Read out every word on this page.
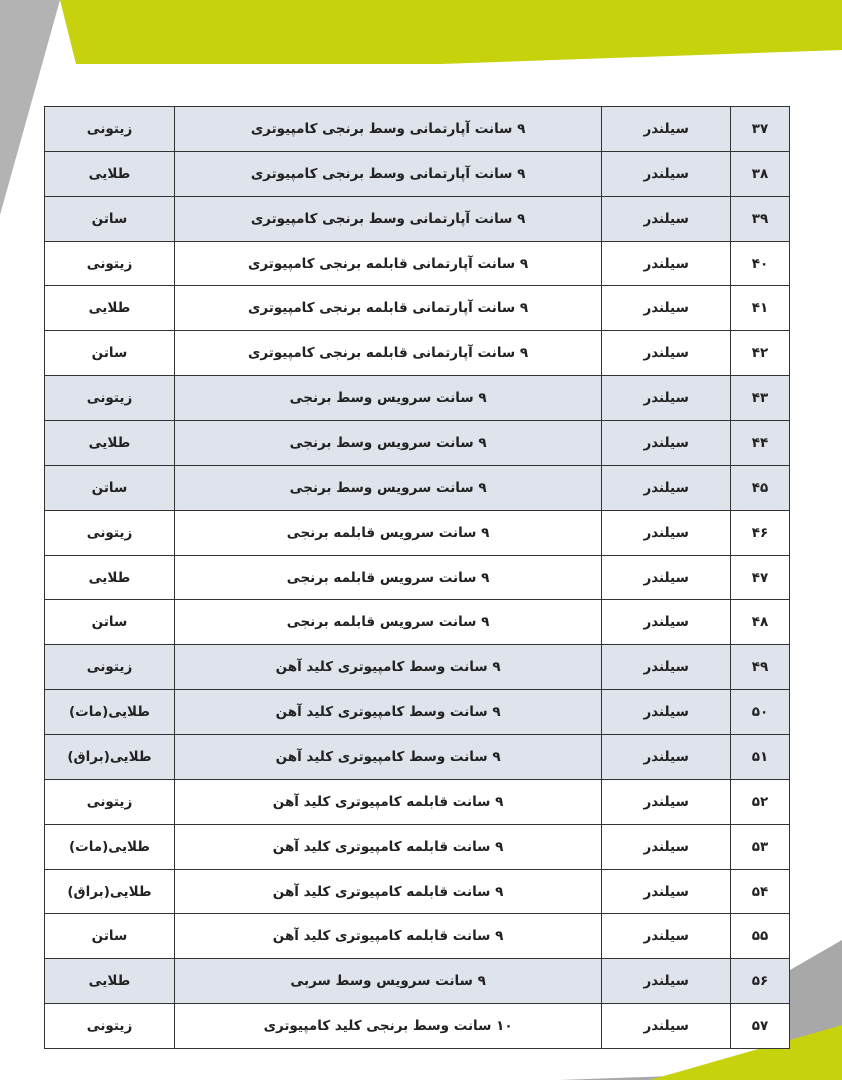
۳۷	سیلندر	۹ سانت آپارتمانی وسط برنجی کامپیوتری	زیتونی
۳۸	سیلندر	۹ سانت آپارتمانی وسط برنجی کامپیوتری	طلایی
۳۹	سیلندر	۹ سانت آپارتمانی وسط برنجی کامپیوتری	ساتن
۴۰	سیلندر	۹ سانت آپارتمانی قابلمه برنجی کامپیوتری	زیتونی
۴۱	سیلندر	۹ سانت آپارتمانی قابلمه برنجی کامپیوتری	طلایی
۴۲	سیلندر	۹ سانت آپارتمانی قابلمه برنجی کامپیوتری	ساتن
۴۳	سیلندر	۹ سانت سرویس وسط برنجی	زیتونی
۴۴	سیلندر	۹ سانت سرویس وسط برنجی	طلایی
۴۵	سیلندر	۹ سانت سرویس وسط برنجی	ساتن
۴۶	سیلندر	۹ سانت سرویس قابلمه برنجی	زیتونی
۴۷	سیلندر	۹ سانت سرویس قابلمه برنجی	طلایی
۴۸	سیلندر	۹ سانت سرویس قابلمه برنجی	ساتن
۴۹	سیلندر	۹ سانت وسط کامپیوتری کلید آهن	زیتونی
۵۰	سیلندر	۹ سانت وسط کامپیوتری کلید آهن	طلایی(مات)
۵۱	سیلندر	۹ سانت وسط کامپیوتری کلید آهن	طلایی(براق)
۵۲	سیلندر	۹ سانت قابلمه کامپیوتری کلید آهن	زیتونی
۵۳	سیلندر	۹ سانت قابلمه کامپیوتری کلید آهن	طلایی(مات)
۵۴	سیلندر	۹ سانت قابلمه کامپیوتری کلید آهن	طلایی(براق)
۵۵	سیلندر	۹ سانت قابلمه کامپیوتری کلید آهن	ساتن
۵۶	سیلندر	۹ سانت سرویس وسط سربی	طلایی
۵۷	سیلندر	۱۰ سانت وسط برنجی کلید کامپیوتری	زیتونی
